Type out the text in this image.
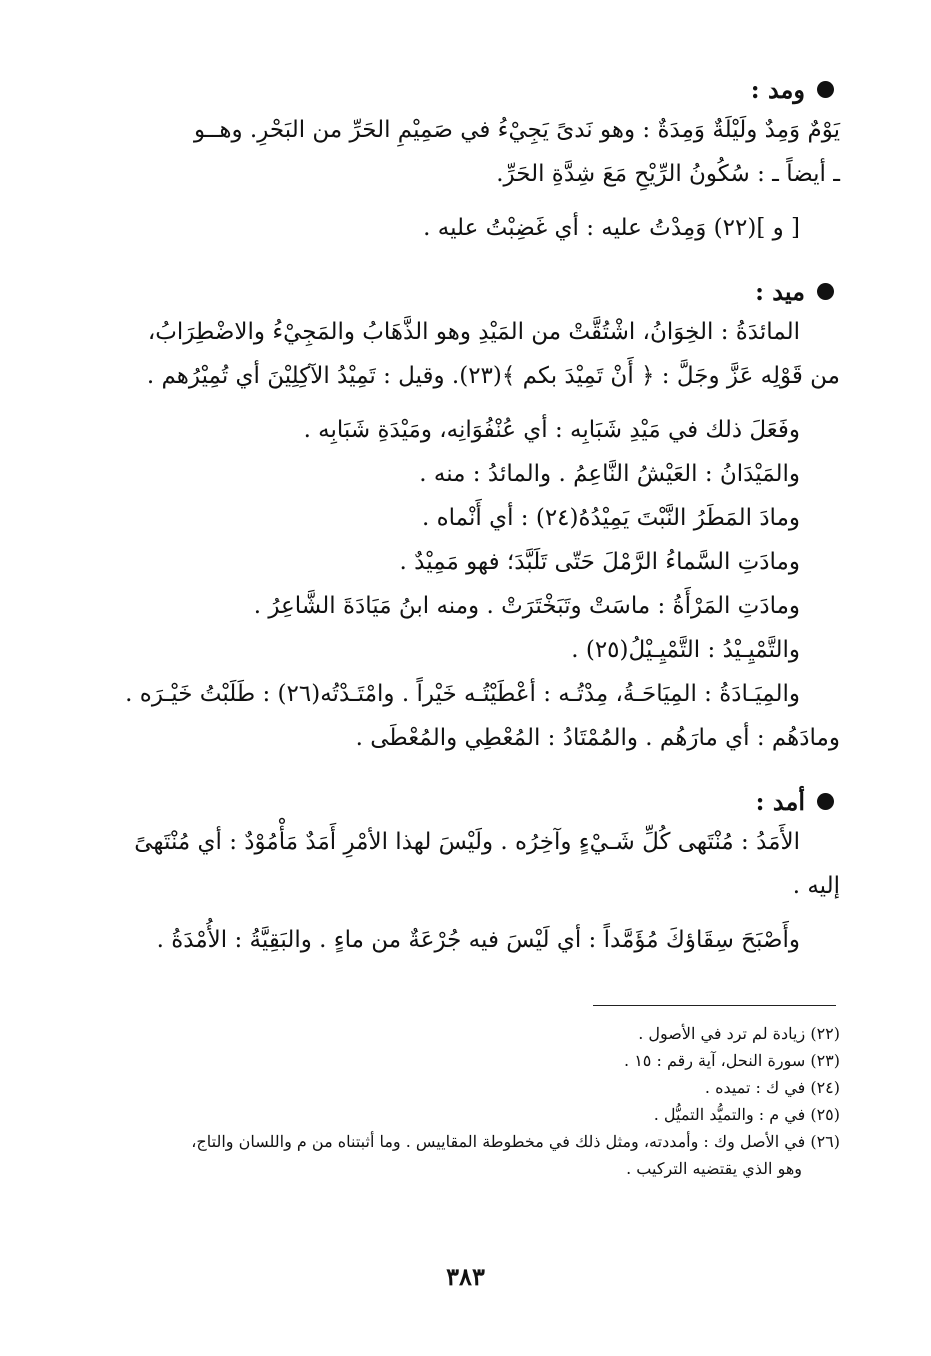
ومد :

يَوْمٌ وَمِدٌ ولَيْلَةٌ وَمِدَةٌ : وهو نَدىً يَجِيْءُ في صَمِيْمِ الحَرِّ من البَحْرِ. وهــو

ـ أيضاً ـ : سُكُونُ الرِّيْحِ مَعَ شِدَّةِ الحَرِّ.

[ و ](٢٢) وَمِدْتُ عليه : أي غَضِبْتُ عليه .

ميد :

المائدَةُ : الخِوَانُ، اشْتُقَّتْ من المَيْدِ وهو الذَّهَابُ والمَجِيْءُ والاضْطِرَابُ،

من قَوْلِه عَزَّ وجَلَّ : ﴿ أَنْ تَمِيْدَ بكم ﴾(٢٣). وقيل : تَمِيْدُ الآكِلِيْنَ أي تُمِيْرُهم .

وفَعَلَ ذلك في مَيْدِ شَبَابِه : أي عُنْفُوَانِه، ومَيْدَةِ شَبَابِه .

والمَيْدَانُ : العَيْشُ النَّاعِمُ . والمائدُ : منه .

ومادَ المَطَرُ النَّبْتَ يَمِيْدُهُ(٢٤) : أي أَنْماه .

ومادَتِ السَّماءُ الرَّمْلَ حَتّى تَلَبَّدَ؛ فهو مَمِيْدٌ .

ومادَتِ المَرْأَةُ : ماسَتْ وتَبَخْتَرَتْ . ومنه ابنُ مَيَادَةَ الشَّاعِرُ .

والتَّمْيِـيْدُ : التَّمْيِـيْلُ(٢٥) .

والمِيَـادَةُ : المِيَاحَـةُ، مِدْتُـه : أعْطَيْتُـه خَيْراً . وامْتَـدْتُه(٢٦) : طَلَبْتُ خَيْـرَه .

ومادَهُم : أي مارَهُم . والمُمْتَادُ : المُعْطِي والمُعْطَى .

أمد :

الأَمَدُ : مُنْتَهى كُلِّ شَـيْءٍ وآخِرُه . ولَيْسَ لهذا الأمْرِ أَمَدٌ مَأْمُوْدٌ : أي مُنْتَهىً

إليه .

وأَصْبَحَ سِقَاؤكَ مُؤَمَّداً : أي لَيْسَ فيه جُرْعَةٌ من ماءٍ . والبَقِيَّةُ : الأُمْدَةُ .

(٢٢) زيادة لم ترد في الأصول .

(٢٣) سورة النحل، آية رقم : ١٥ .

(٢٤) في ك : تميده .

(٢٥) في م : والتميُّد التميُّل .

(٢٦) في الأصل وك : وأمددته، ومثل ذلك في مخطوطة المقاييس . وما أثبتناه من م واللسان والتاج،

وهو الذي يقتضيه التركيب .

٣٨٣
